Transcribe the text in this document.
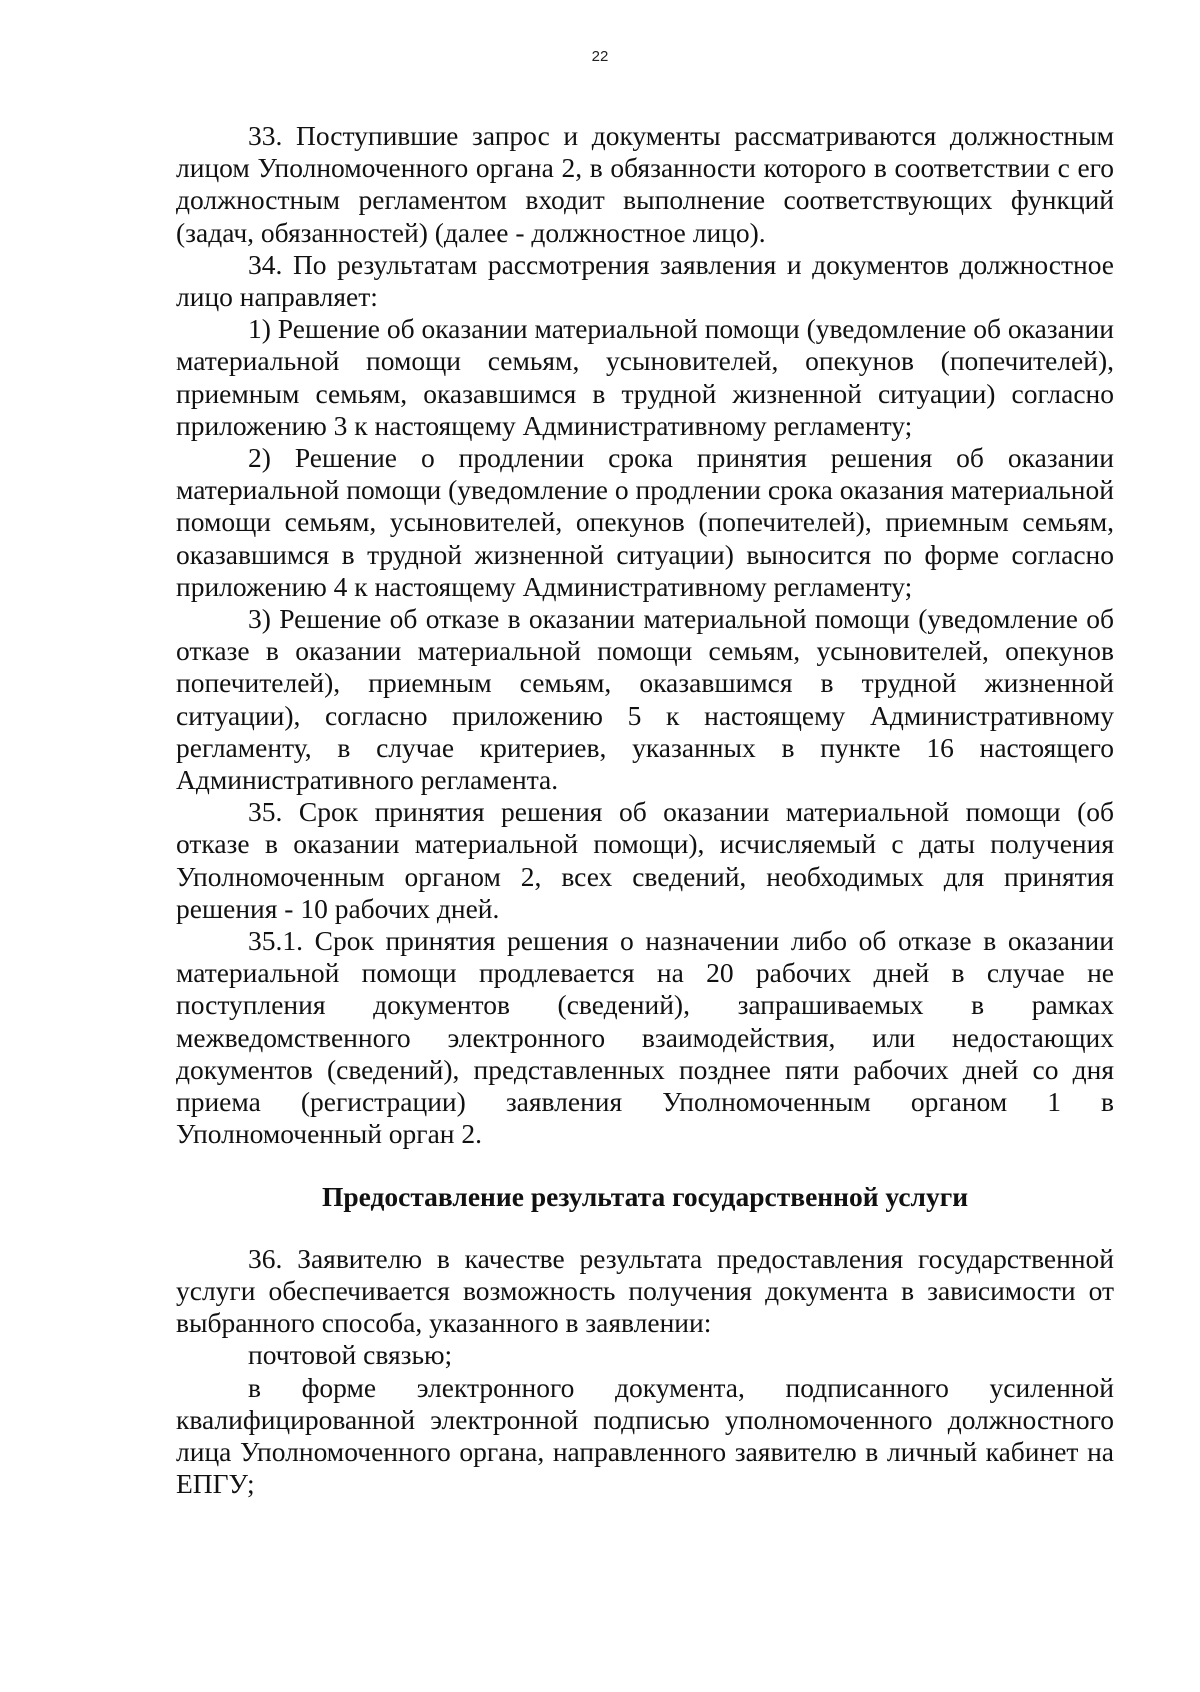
22

33. Поступившие запрос и документы рассматриваются должностным лицом Уполномоченного органа 2, в обязанности которого в соответствии с его должностным регламентом входит выполнение соответствующих функций (задач, обязанностей) (далее - должностное лицо).

34. По результатам рассмотрения заявления и документов должностное лицо направляет:

1) Решение об оказании материальной помощи (уведомление об оказании материальной помощи семьям, усыновителей, опекунов (попечителей), приемным семьям, оказавшимся в трудной жизненной ситуации) согласно приложению 3 к настоящему Административному регламенту;

2) Решение о продлении срока принятия решения об оказании материальной помощи (уведомление о продлении срока оказания материальной помощи семьям, усыновителей, опекунов (попечителей), приемным семьям, оказавшимся в трудной жизненной ситуации) выносится по форме согласно приложению 4 к настоящему Административному регламенту;

3) Решение об отказе в оказании материальной помощи (уведомление об отказе в оказании материальной помощи семьям, усыновителей, опекунов попечителей), приемным семьям, оказавшимся в трудной жизненной ситуации), согласно приложению 5 к настоящему Административному регламенту, в случае критериев, указанных в пункте 16 настоящего Административного регламента.

35. Срок принятия решения об оказании материальной помощи (об отказе в оказании материальной помощи), исчисляемый с даты получения Уполномоченным органом 2, всех сведений, необходимых для принятия решения - 10 рабочих дней.

35.1. Срок принятия решения о назначении либо об отказе в оказании материальной помощи продлевается на 20 рабочих дней в случае не поступления документов (сведений), запрашиваемых в рамках межведомственного электронного взаимодействия, или недостающих документов (сведений), представленных позднее пяти рабочих дней со дня приема (регистрации) заявления Уполномоченным органом 1 в Уполномоченный орган 2.

Предоставление результата государственной услуги

36. Заявителю в качестве результата предоставления государственной услуги обеспечивается возможность получения документа в зависимости от выбранного способа, указанного в заявлении:

почтовой связью;

в форме электронного документа, подписанного усиленной квалифицированной электронной подписью уполномоченного должностного лица Уполномоченного органа, направленного заявителю в личный кабинет на ЕПГУ;
